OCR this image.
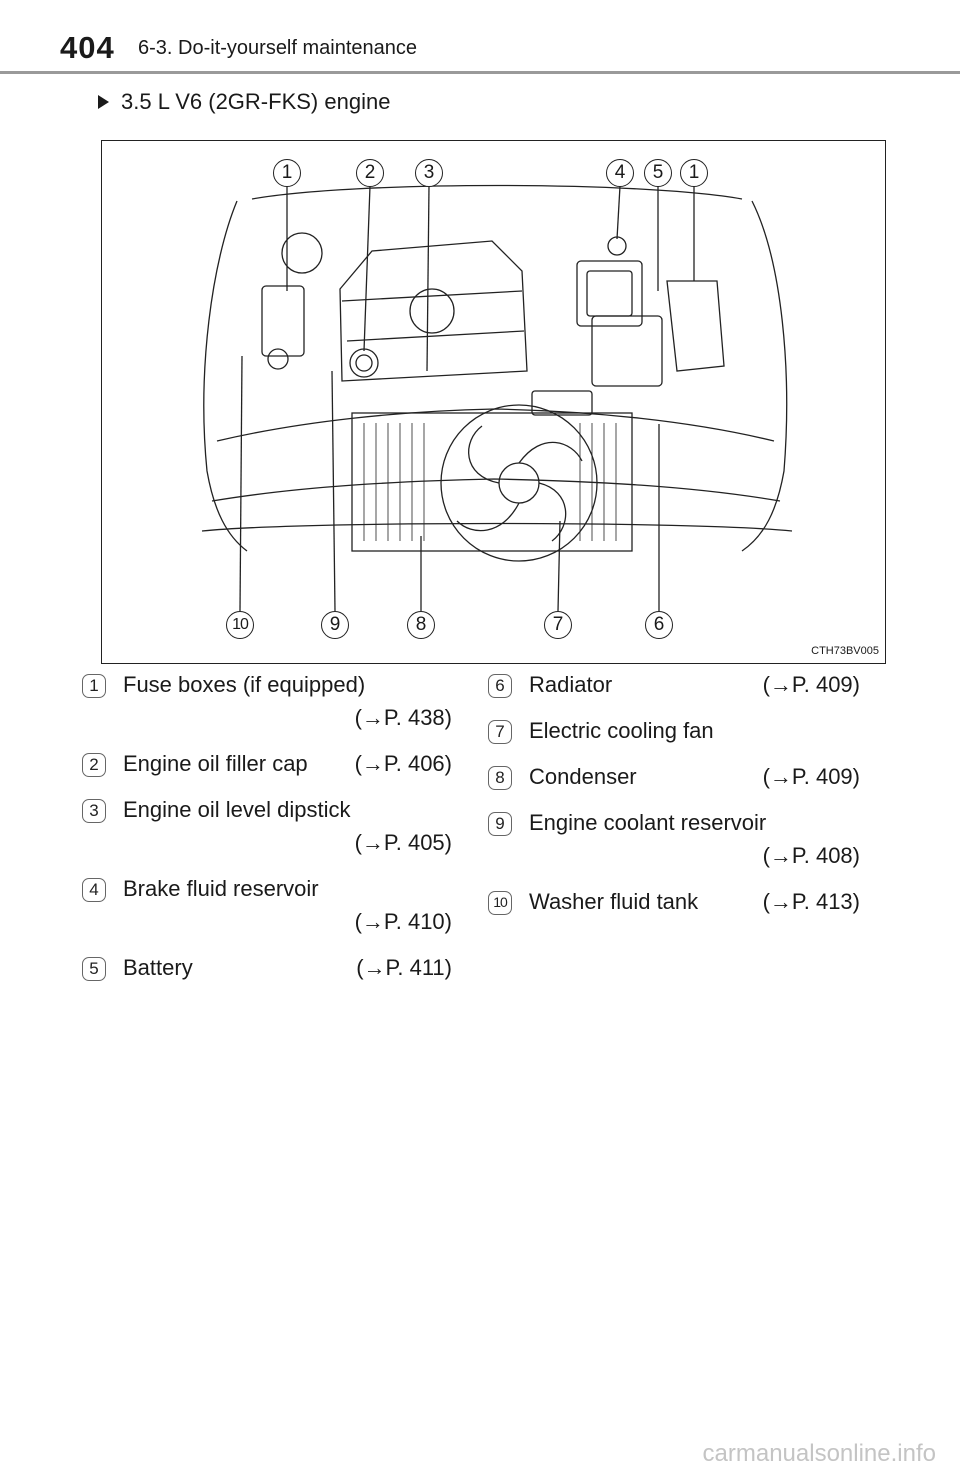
404 6-3. Do-it-yourself maintenance
3.5 L V6 (2GR-FKS) engine
1	2	3	4	5	1
10	9	8	7	6
CTH73BV005
1	Fuse boxes (if equipped)
(→P. 438)
2	Engine oil filler cap (→P. 406)
3	Engine oil level dipstick
(→P. 405)
4	Brake fluid reservoir
(→P. 410)
5	Battery	(→P. 411)
6	Radiator	(→P. 409)
7	Electric cooling fan
8	Condenser	(→P. 409)
9	Engine coolant reservoir
(→P. 408)
10 Washer fluid tank	(→P. 413)
carmanualsonline.info
